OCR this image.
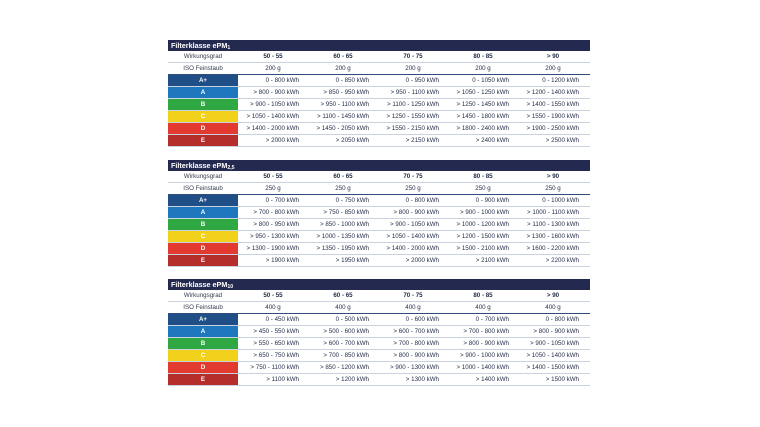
Filterklasse ePM$_1$
Wirkungsgrad	50 - 55	60 - 65	70 - 75	80 - 85	> 90
ISO Feinstaub	200 g	200 g	200 g	200 g	200 g
A+	0 - 800 kWh	0 - 850 kWh	0 - 950 kWh	0 - 1050 kWh	0 - 1200 kWh
A	> 800 - 900 kWh	> 850 - 950 kWh	> 950 - 1100 kWh	> 1050 - 1250 kWh	> 1200 - 1400 kWh
B	> 900 - 1050 kWh	> 950 - 1100 kWh	> 1100 - 1250 kWh	> 1250 - 1450 kWh	> 1400 - 1550 kWh
C	> 1050 - 1400 kWh	> 1100 - 1450 kWh	> 1250 - 1550 kWh	> 1450 - 1800 kWh	> 1550 - 1900 kWh
D	> 1400 - 2000 kWh	> 1450 - 2050 kWh	> 1550 - 2150 kWh	> 1800 - 2400 kWh	> 1900 - 2500 kWh
E	> 2000 kWh	> 2050 kWh	> 2150 kWh	> 2400 kWh	> 2500 kWh
Filterklasse ePM$_{2,5}$
Wirkungsgrad	50 - 55	60 - 65	70 - 75	80 - 85	> 90
ISO Feinstaub	250 g	250 g	250 g	250 g	250 g
A+	0 - 700 kWh	0 - 750 kWh	0 - 800 kWh	0 - 900 kWh	0 - 1000 kWh
A	> 700 - 800 kWh	> 750 - 850 kWh	> 800 - 900 kWh	> 900 - 1000 kWh	> 1000 - 1100 kWh
B	> 800 - 950 kWh	> 850 - 1000 kWh	> 900 - 1050 kWh	> 1000 - 1200 kWh	> 1100 - 1300 kWh
C	> 950 - 1300 kWh	> 1000 - 1350 kWh	> 1050 - 1400 kWh	> 1200 - 1500 kWh	> 1300 - 1600 kWh
D	> 1300 - 1900 kWh	> 1350 - 1950 kWh	> 1400 - 2000 kWh	> 1500 - 2100 kWh	> 1600 - 2200 kWh
E	> 1900 kWh	> 1950 kWh	> 2000 kWh	> 2100 kWh	> 2200 kWh
Filterklasse ePM$_{10}$
Wirkungsgrad	50 - 55	60 - 65	70 - 75	80 - 85	> 90
ISO Feinstaub	400 g	400 g	400 g	400 g	400 g
A+	0 - 450 kWh	0 - 500 kWh	0 - 600 kWh	0 - 700 kWh	0 - 800 kWh
A	> 450 - 550 kWh	> 500 - 600 kWh	> 600 - 700 kWh	> 700 - 800 kWh	> 800 - 900 kWh
B	> 550 - 650 kWh	> 600 - 700 kWh	> 700 - 800 kWh	> 800 - 900 kWh	> 900 - 1050 kWh
C	> 650 - 750 kWh	> 700 - 850 kWh	> 800 - 900 kWh	> 900 - 1000 kWh	> 1050 - 1400 kWh
D	> 750 - 1100 kWh	> 850 - 1200 kWh	> 900 - 1300 kWh	> 1000 - 1400 kWh	> 1400 - 1500 kWh
E	> 1100 kWh	> 1200 kWh	> 1300 kWh	> 1400 kWh	> 1500 kWh
